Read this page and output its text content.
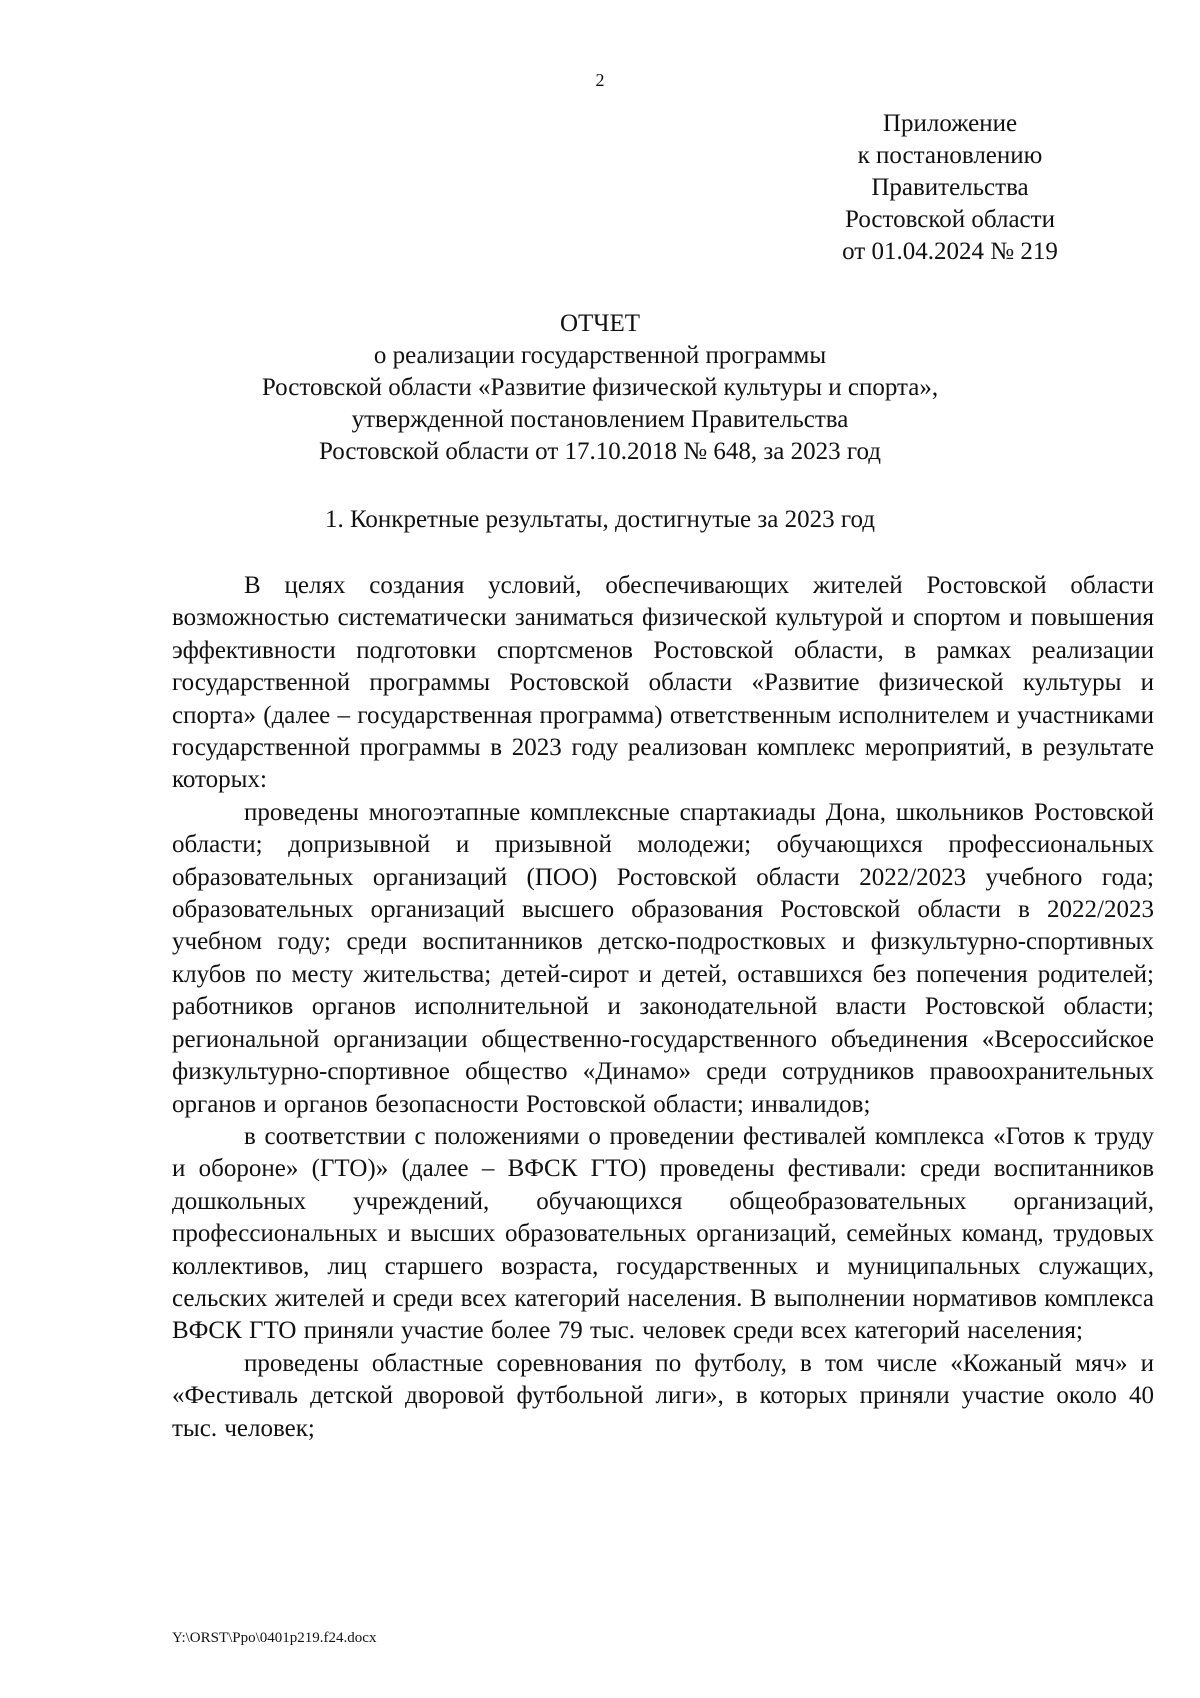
2
Приложение
к постановлению
Правительства
Ростовской области
от 01.04.2024 № 219
ОТЧЕТ
о реализации государственной программы
Ростовской области «Развитие физической культуры и спорта»,
утвержденной постановлением Правительства
Ростовской области от 17.10.2018 № 648, за 2023 год
1. Конкретные результаты, достигнутые за 2023 год

В целях создания условий, обеспечивающих жителей Ростовской области возможностью систематически заниматься физической культурой и спортом и повышения эффективности подготовки спортсменов Ростовской области, в рамках реализации государственной программы Ростовской области «Развитие физической культуры и спорта» (далее – государственная программа) ответственным исполнителем и участниками государственной программы в 2023 году реализован комплекс мероприятий, в результате которых:

проведены многоэтапные комплексные спартакиады Дона, школьников Ростовской области; допризывной и призывной молодежи; обучающихся профессиональных образовательных организаций (ПОО) Ростовской области 2022/2023 учебного года; образовательных организаций высшего образования Ростовской области в 2022/2023 учебном году; среди воспитанников детско-подростковых и физкультурно-спортивных клубов по месту жительства; детей-сирот и детей, оставшихся без попечения родителей; работников органов исполнительной и законодательной власти Ростовской области; региональной организации общественно-государственного объединения «Всероссийское физкультурно-спортивное общество «Динамо» среди сотрудников правоохранительных органов и органов безопасности Ростовской области; инвалидов;

в соответствии с положениями о проведении фестивалей комплекса «Готов к труду и обороне» (ГТО)» (далее – ВФСК ГТО) проведены фестивали: среди воспитанников дошкольных учреждений, обучающихся общеобразовательных организаций, профессиональных и высших образовательных организаций, семейных команд, трудовых коллективов, лиц старшего возраста, государственных и муниципальных служащих, сельских жителей и среди всех категорий населения. В выполнении нормативов комплекса ВФСК ГТО приняли участие более 79 тыс. человек среди всех категорий населения;

проведены областные соревнования по футболу, в том числе «Кожаный мяч» и «Фестиваль детской дворовой футбольной лиги», в которых приняли участие около 40 тыс. человек;

Y:\ORST\Ppo\0401p219.f24.docx
